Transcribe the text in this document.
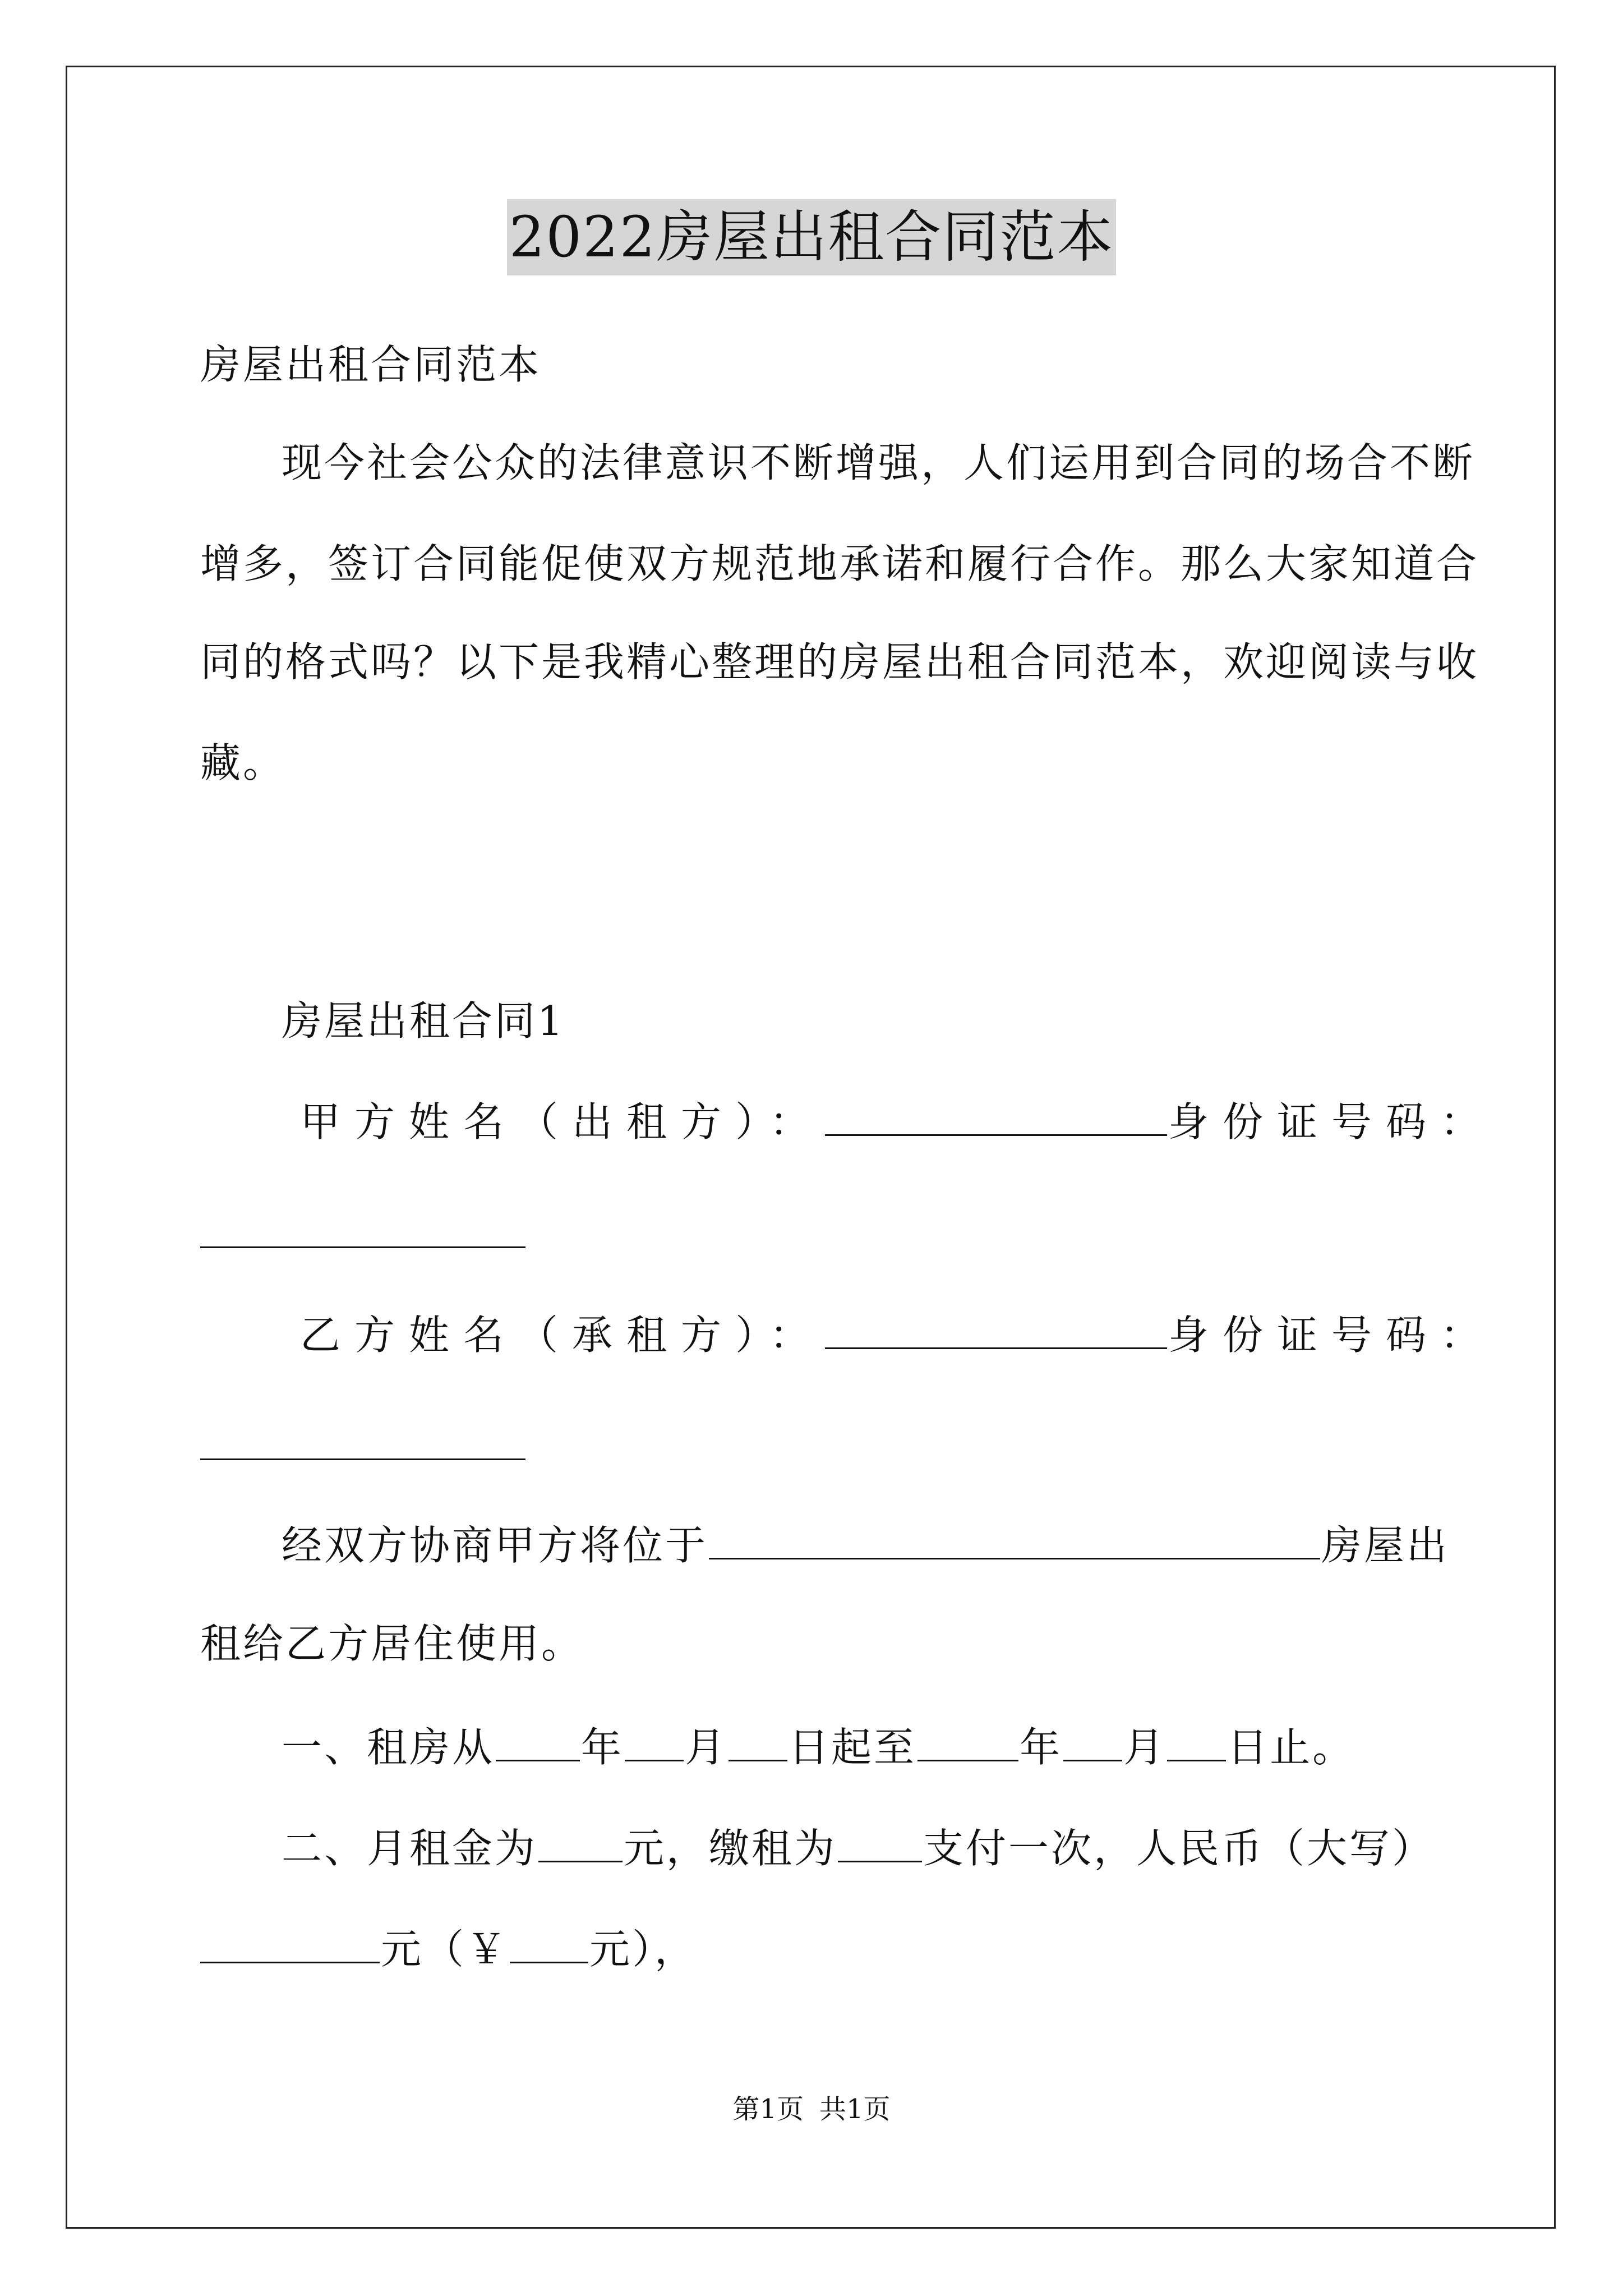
2022房屋出租合同范本
房屋出租合同范本
现今社会公众的法律意识不断增强，人们运用到合同的场合不断
增多，签订合同能促使双方规范地承诺和履行合作。那么大家知道合
同的格式吗？以下是我精心整理的房屋出租合同范本，欢迎阅读与收
藏。
房屋出租合同1
甲方姓名（出租方）：	身份证号码：
乙方姓名（承租方）：	身份证号码：
经双方协商甲方将位于	房屋出
租给乙方居住使用。
一、租房从 年 月 日起至	年 月 日止。
二、月租金为 元，缴租为 支付一次，人民币（大写）
元（￥ 元），
第1页 共1页
